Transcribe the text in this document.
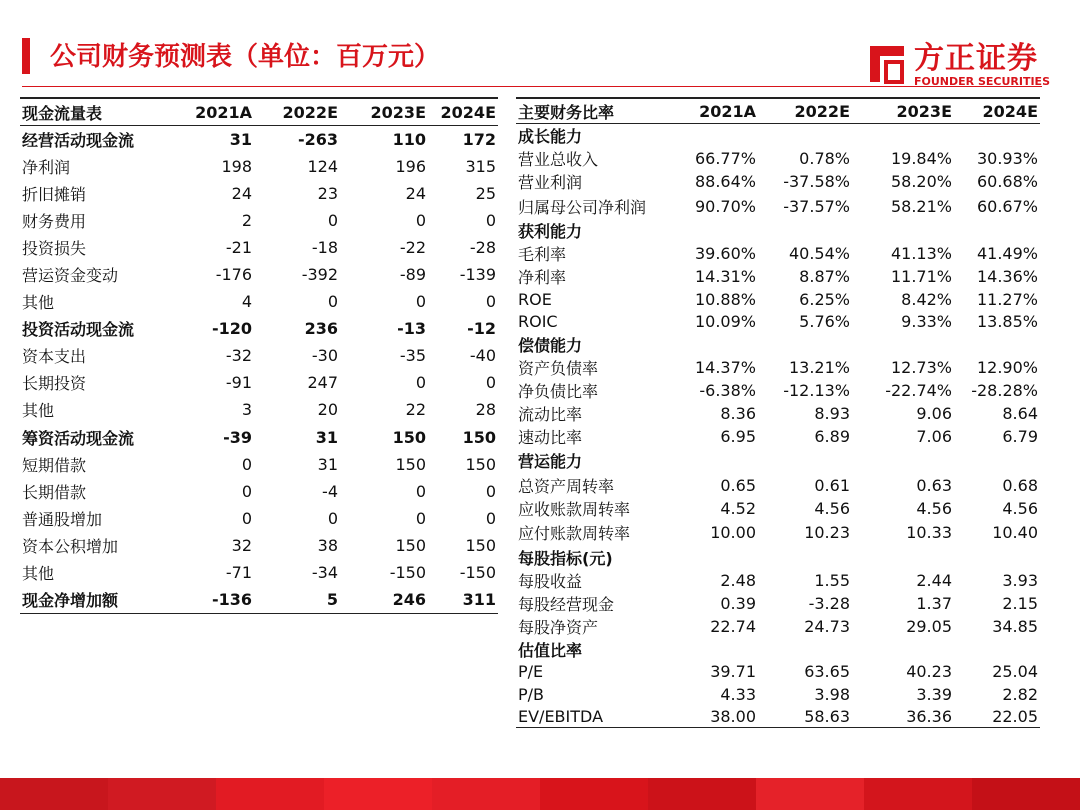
公司财务预测表（单位：百万元）	方正证券
FOUNDER SECURITIES
现金流量表	2021A	2022E	2023E	2024E
经营活动现金流	31	-263	110	172
净利润	198	124	196	315
折旧摊销	24	23	24	25
财务费用	2	0	0	0
投资损失	-21	-18	-22	-28
营运资金变动	-176	-392	-89	-139
其他	4	0	0	0
投资活动现金流	-120	236	-13	-12
资本支出	-32	-30	-35	-40
长期投资	-91	247	0	0
其他	3	20	22	28
筹资活动现金流	-39	31	150	150
短期借款	0	31	150	150
长期借款	0	-4	0	0
普通股增加	0	0	0	0
资本公积增加	32	38	150	150
其他	-71	-34	-150	-150
现金净增加额	-136	5	246	311
主要财务比率	2021A	2022E	2023E	2024E
成长能力				
营业总收入	66.77%	0.78%	19.84%	30.93%
营业利润	88.64%	-37.58%	58.20%	60.68%
归属母公司净利润	90.70%	-37.57%	58.21%	60.67%
获利能力				
毛利率	39.60%	40.54%	41.13%	41.49%
净利率	14.31%	8.87%	11.71%	14.36%
ROE	10.88%	6.25%	8.42%	11.27%
ROIC	10.09%	5.76%	9.33%	13.85%
偿债能力				
资产负债率	14.37%	13.21%	12.73%	12.90%
净负债比率	-6.38%	-12.13%	-22.74%	-28.28%
流动比率	8.36	8.93	9.06	8.64
速动比率	6.95	6.89	7.06	6.79
营运能力				
总资产周转率	0.65	0.61	0.63	0.68
应收账款周转率	4.52	4.56	4.56	4.56
应付账款周转率	10.00	10.23	10.33	10.40
每股指标(元)				
每股收益	2.48	1.55	2.44	3.93
每股经营现金	0.39	-3.28	1.37	2.15
每股净资产	22.74	24.73	29.05	34.85
估值比率				
P/E	39.71	63.65	40.23	25.04
P/B	4.33	3.98	3.39	2.82
EV/EBITDA	38.00	58.63	36.36	22.05
